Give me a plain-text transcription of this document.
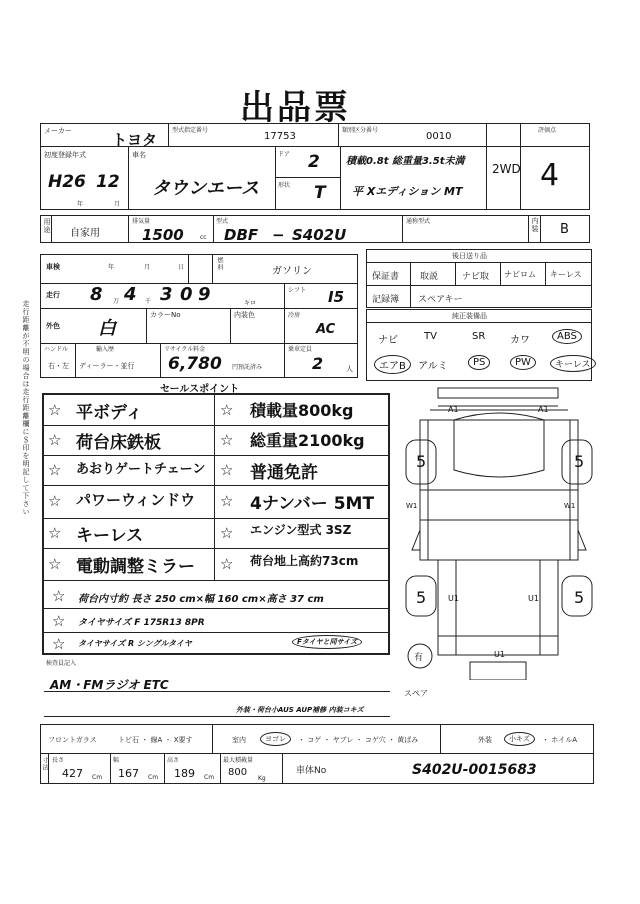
出品票
メーカー	トヨタ
型式指定番号
17753
類別区分番号
0010
評価点
4
初度登録年式
H26 12
年	月
車名
タウンエース
ドア 2
形状 T
積載0.8t 総重量3.5t未満
平 Xエディション MT
2WD
用途 自家用
排気量
1500	cc
型式
DBF − S402U
通称型式	内装 B
車検	年	月	日	燃料
ガソリン
走行 8 万 4 千 3 0 9	キロ
シフト I5
外色 白
カラーNo	内装色	冷房
AC
ハンドル
右・左
輸入歴
ディーラー・並行
リサイクル料金
6,780 円預託済み
乗車定員
2	人
後日送り品
保証書 取説	ナビ取 ナビロム キーレス
記録簿 スペアキー
純正装備品
ナビ	TV	SR カワ	ABS
エアB	アルミ	PS	PW	キーレス
走行距離が不明の場合は走行距離欄に＄印を明記して下さい	セールスポイント
☆ 平ボディ	☆ 積載量800kg
☆ 荷台床鉄板	☆ 総重量2100kg
☆ あおりゲートチェーン ☆ 普通免許
☆ パワーウィンドウ ☆ 4ナンバー 5MT
☆ キーレス	☆ エンジン型式 3SZ
☆ 電動調整ミラー ☆ 荷台地上高約73cm
☆ 荷台内寸約 長さ 250 cm×幅 160 cm×高さ 37 cm
☆ タイヤサイズ F 175R13 8PR
☆ タイヤサイズ R シングルタイヤ	Fタイヤと同サイズ
A1	A1
5	5
W1	W1
U1	U1
5	5
U1
有
スペア
検査員記入
AM・FMラジオ ETC
外装・荷台小AUS AUP補修 内装コキズ
フロントガラス	トビ石 ・ 線A ・ X要す	室内	ヨゴレ	・ コゲ ・ ヤブレ ・ コゲ穴 ・ 黄ばみ	外装	小キズ	・ ホイルA
寸法 長さ
427 Cm
幅
167 Cm
高さ
189 Cm
最大積載量
800
Kg
車体No	S402U-0015683
